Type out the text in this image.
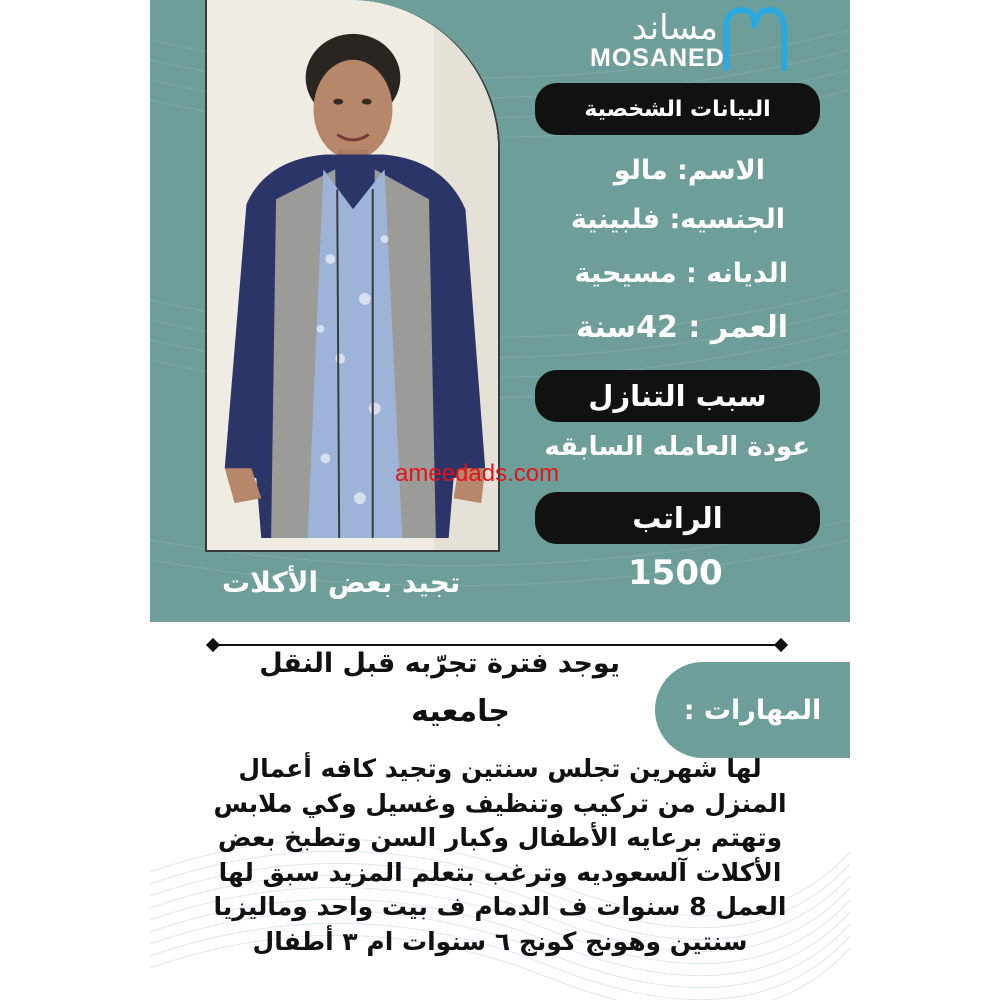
مساند
MOSANED
البيانات الشخصية
الاسم: مالو
الجنسيه: فلبينية
الديانه : مسيحية
العمر : 42سنة
سبب التنازل
عودة العامله السابقه
ameedads.com
الراتب
1500
تجيد بعض الأكلات
يوجد فترة تجرّبه قبل النقل
جامعيه	المهارات :
لها شهرين تجلس سنتين وتجيد كافه أعمال
المنزل من تركيب وتنظيف وغسيل وكي ملابس
وتهتم برعايه الأطفال وكبار السن وتطبخ بعض
الأكلات آلسعوديه وترغب بتعلم المزيد سبق لها
العمل 8 سنوات ف الدمام ف بيت واحد وماليزيا
سنتين وهونج كونج ٦ سنوات ام ٣ أطفال
